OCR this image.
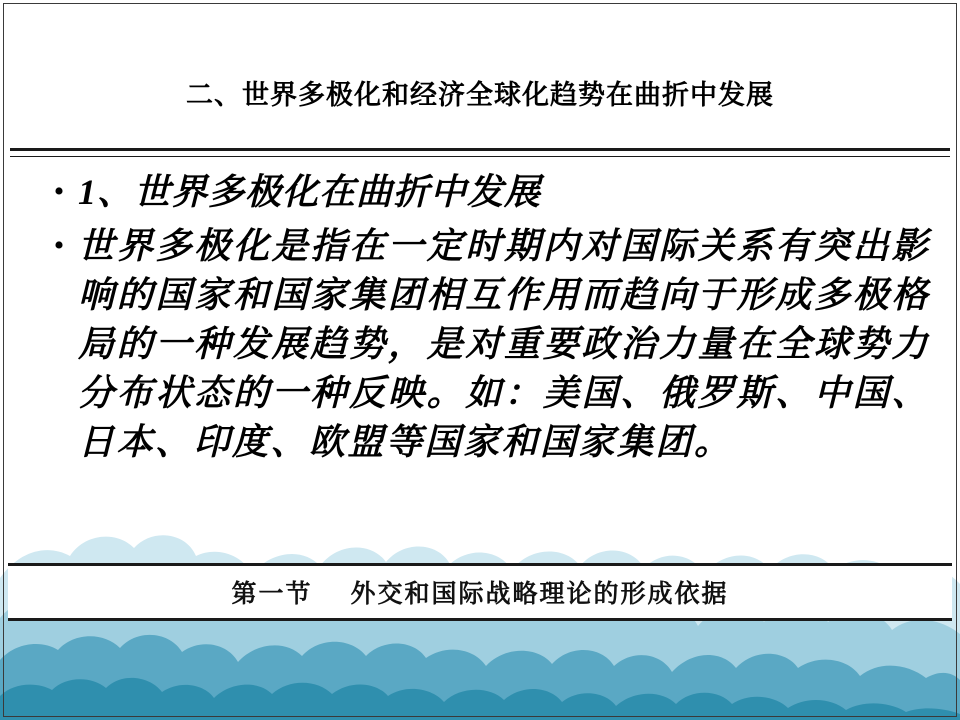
二、世界多极化和经济全球化趋势在曲折中发展
• 1、世界多极化在曲折中发展
• 世界多极化是指在一定时期内对国际关系有突出影响的国家和国家集团相互作用而趋向于形成多极格局的一种发展趋势，是对重要政治力量在全球势力分布状态的一种反映。如：美国、俄罗斯、中国、日本、印度、欧盟等国家和国家集团。
第一节 外交和国际战略理论的形成依据
